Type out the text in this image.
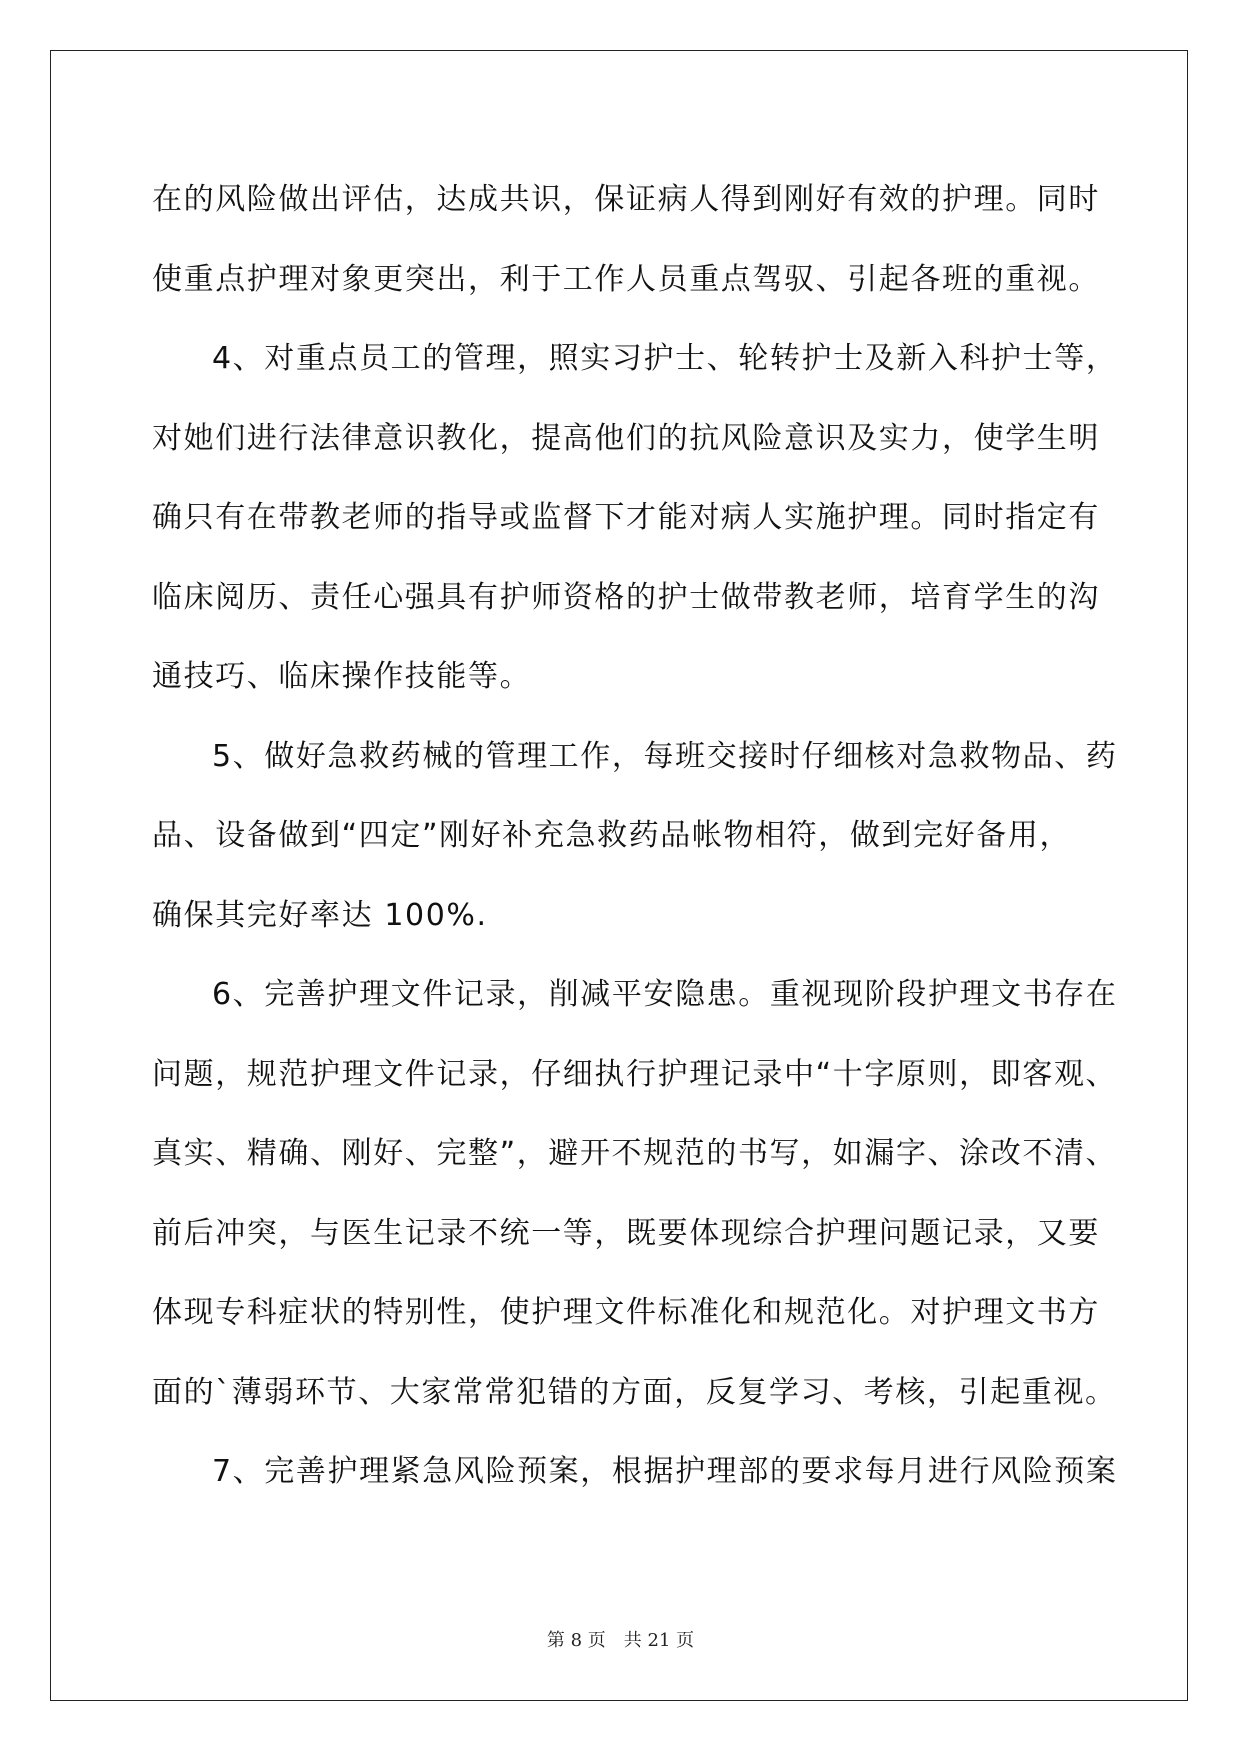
在的风险做出评估，达成共识，保证病人得到刚好有效的护理。同时
使重点护理对象更突出，利于工作人员重点驾驭、引起各班的重视。
4、对重点员工的管理，照实习护士、轮转护士及新入科护士等，
对她们进行法律意识教化，提高他们的抗风险意识及实力，使学生明
确只有在带教老师的指导或监督下才能对病人实施护理。同时指定有
临床阅历、责任心强具有护师资格的护士做带教老师，培育学生的沟
通技巧、临床操作技能等。
5、做好急救药械的管理工作，每班交接时仔细核对急救物品、药
品、设备做到“四定”刚好补充急救药品帐物相符，做到完好备用，
确保其完好率达 100%.
6、完善护理文件记录，削减平安隐患。重视现阶段护理文书存在
问题，规范护理文件记录，仔细执行护理记录中“十字原则，即客观、
真实、精确、刚好、完整”，避开不规范的书写，如漏字、涂改不清、
前后冲突，与医生记录不统一等，既要体现综合护理问题记录，又要
体现专科症状的特别性，使护理文件标准化和规范化。对护理文书方
面的`薄弱环节、大家常常犯错的方面，反复学习、考核，引起重视。
7、完善护理紧急风险预案，根据护理部的要求每月进行风险预案
第 8 页 共 21 页
